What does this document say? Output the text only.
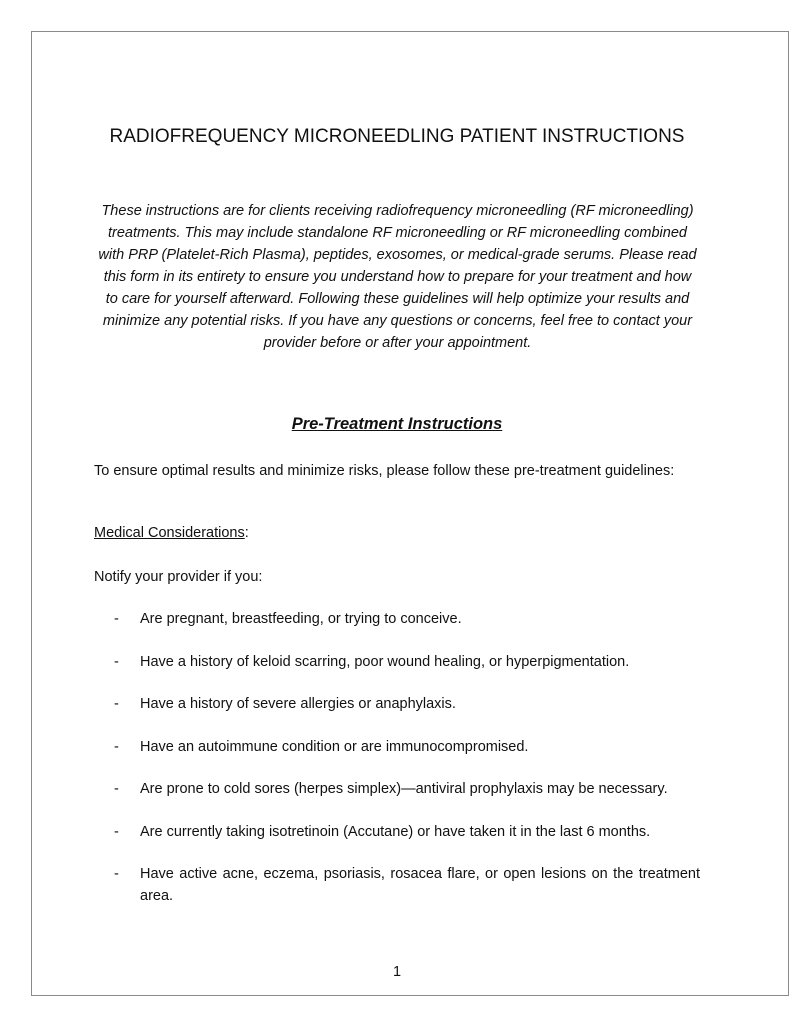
RADIOFREQUENCY MICRONEEDLING PATIENT INSTRUCTIONS

These instructions are for clients receiving radiofrequency microneedling (RF microneedling) treatments. This may include standalone RF microneedling or RF microneedling combined with PRP (Platelet-Rich Plasma), peptides, exosomes, or medical-grade serums. Please read this form in its entirety to ensure you understand how to prepare for your treatment and how to care for yourself afterward. Following these guidelines will help optimize your results and minimize any potential risks. If you have any questions or concerns, feel free to contact your provider before or after your appointment.

Pre-Treatment Instructions

To ensure optimal results and minimize risks, please follow these pre-treatment guidelines:

Medical Considerations:

Notify your provider if you:

- Are pregnant, breastfeeding, or trying to conceive.
- Have a history of keloid scarring, poor wound healing, or hyperpigmentation.
- Have a history of severe allergies or anaphylaxis.
- Have an autoimmune condition or are immunocompromised.
- Are prone to cold sores (herpes simplex)—antiviral prophylaxis may be necessary.
- Are currently taking isotretinoin (Accutane) or have taken it in the last 6 months.
- Have active acne, eczema, psoriasis, rosacea flare, or open lesions on the treatment area.
1
